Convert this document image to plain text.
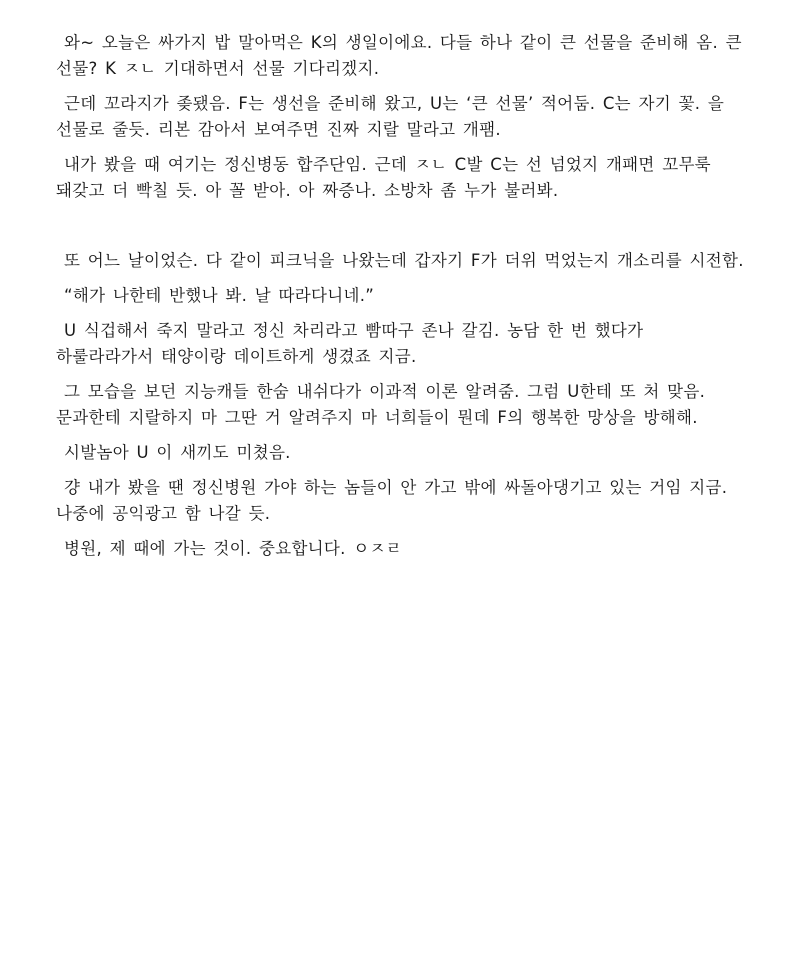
와~ 오늘은 싸가지 밥 말아먹은 K의 생일이에요. 다들 하나 같이 큰 선물을 준비해 옴. 큰 선물? K ㅈㄴ 기대하면서 선물 기다리겠지.

근데 꼬라지가 좆됐음. F는 생선을 준비해 왔고, U는 ‘큰 선물’ 적어둠. C는 자기 꽃. 을 선물로 줄듯. 리본 감아서 보여주면 진짜 지랄 말라고 개팸.

내가 봤을 때 여기는 정신병동 합주단임. 근데 ㅈㄴ C발 C는 선 넘었지 개패면 꼬무룩 돼갖고 더 빡칠 듯. 아 꼴 받아. 아 짜증나. 소방차 좀 누가 불러봐.

또 어느 날이었슨. 다 같이 피크닉을 나왔는데 갑자기 F가 더위 먹었는지 개소리를 시전함.

“해가 나한테 반했나 봐. 날 따라다니네.”

U 식겁해서 죽지 말라고 정신 차리라고 빰따구 존나 갈김. 농담 한 번 했다가 하룰라라가서 태양이랑 데이트하게 생겼죠 지금.

그 모습을 보던 지능캐들 한숨 내쉬다가 이과적 이론 알려줌. 그럼 U한테 또 처 맞음. 문과한테 지랄하지 마 그딴 거 알려주지 마 너희들이 뭔데 F의 행복한 망상을 방해해.

시발놈아 U 이 새끼도 미쳤음.

걍 내가 봤을 땐 정신병원 가야 하는 놈들이 안 가고 밖에 싸돌아댕기고 있는 거임 지금. 나중에 공익광고 함 나갈 듯.

병원, 제 때에 가는 것이. 중요합니다. ㅇㅈㄹ
